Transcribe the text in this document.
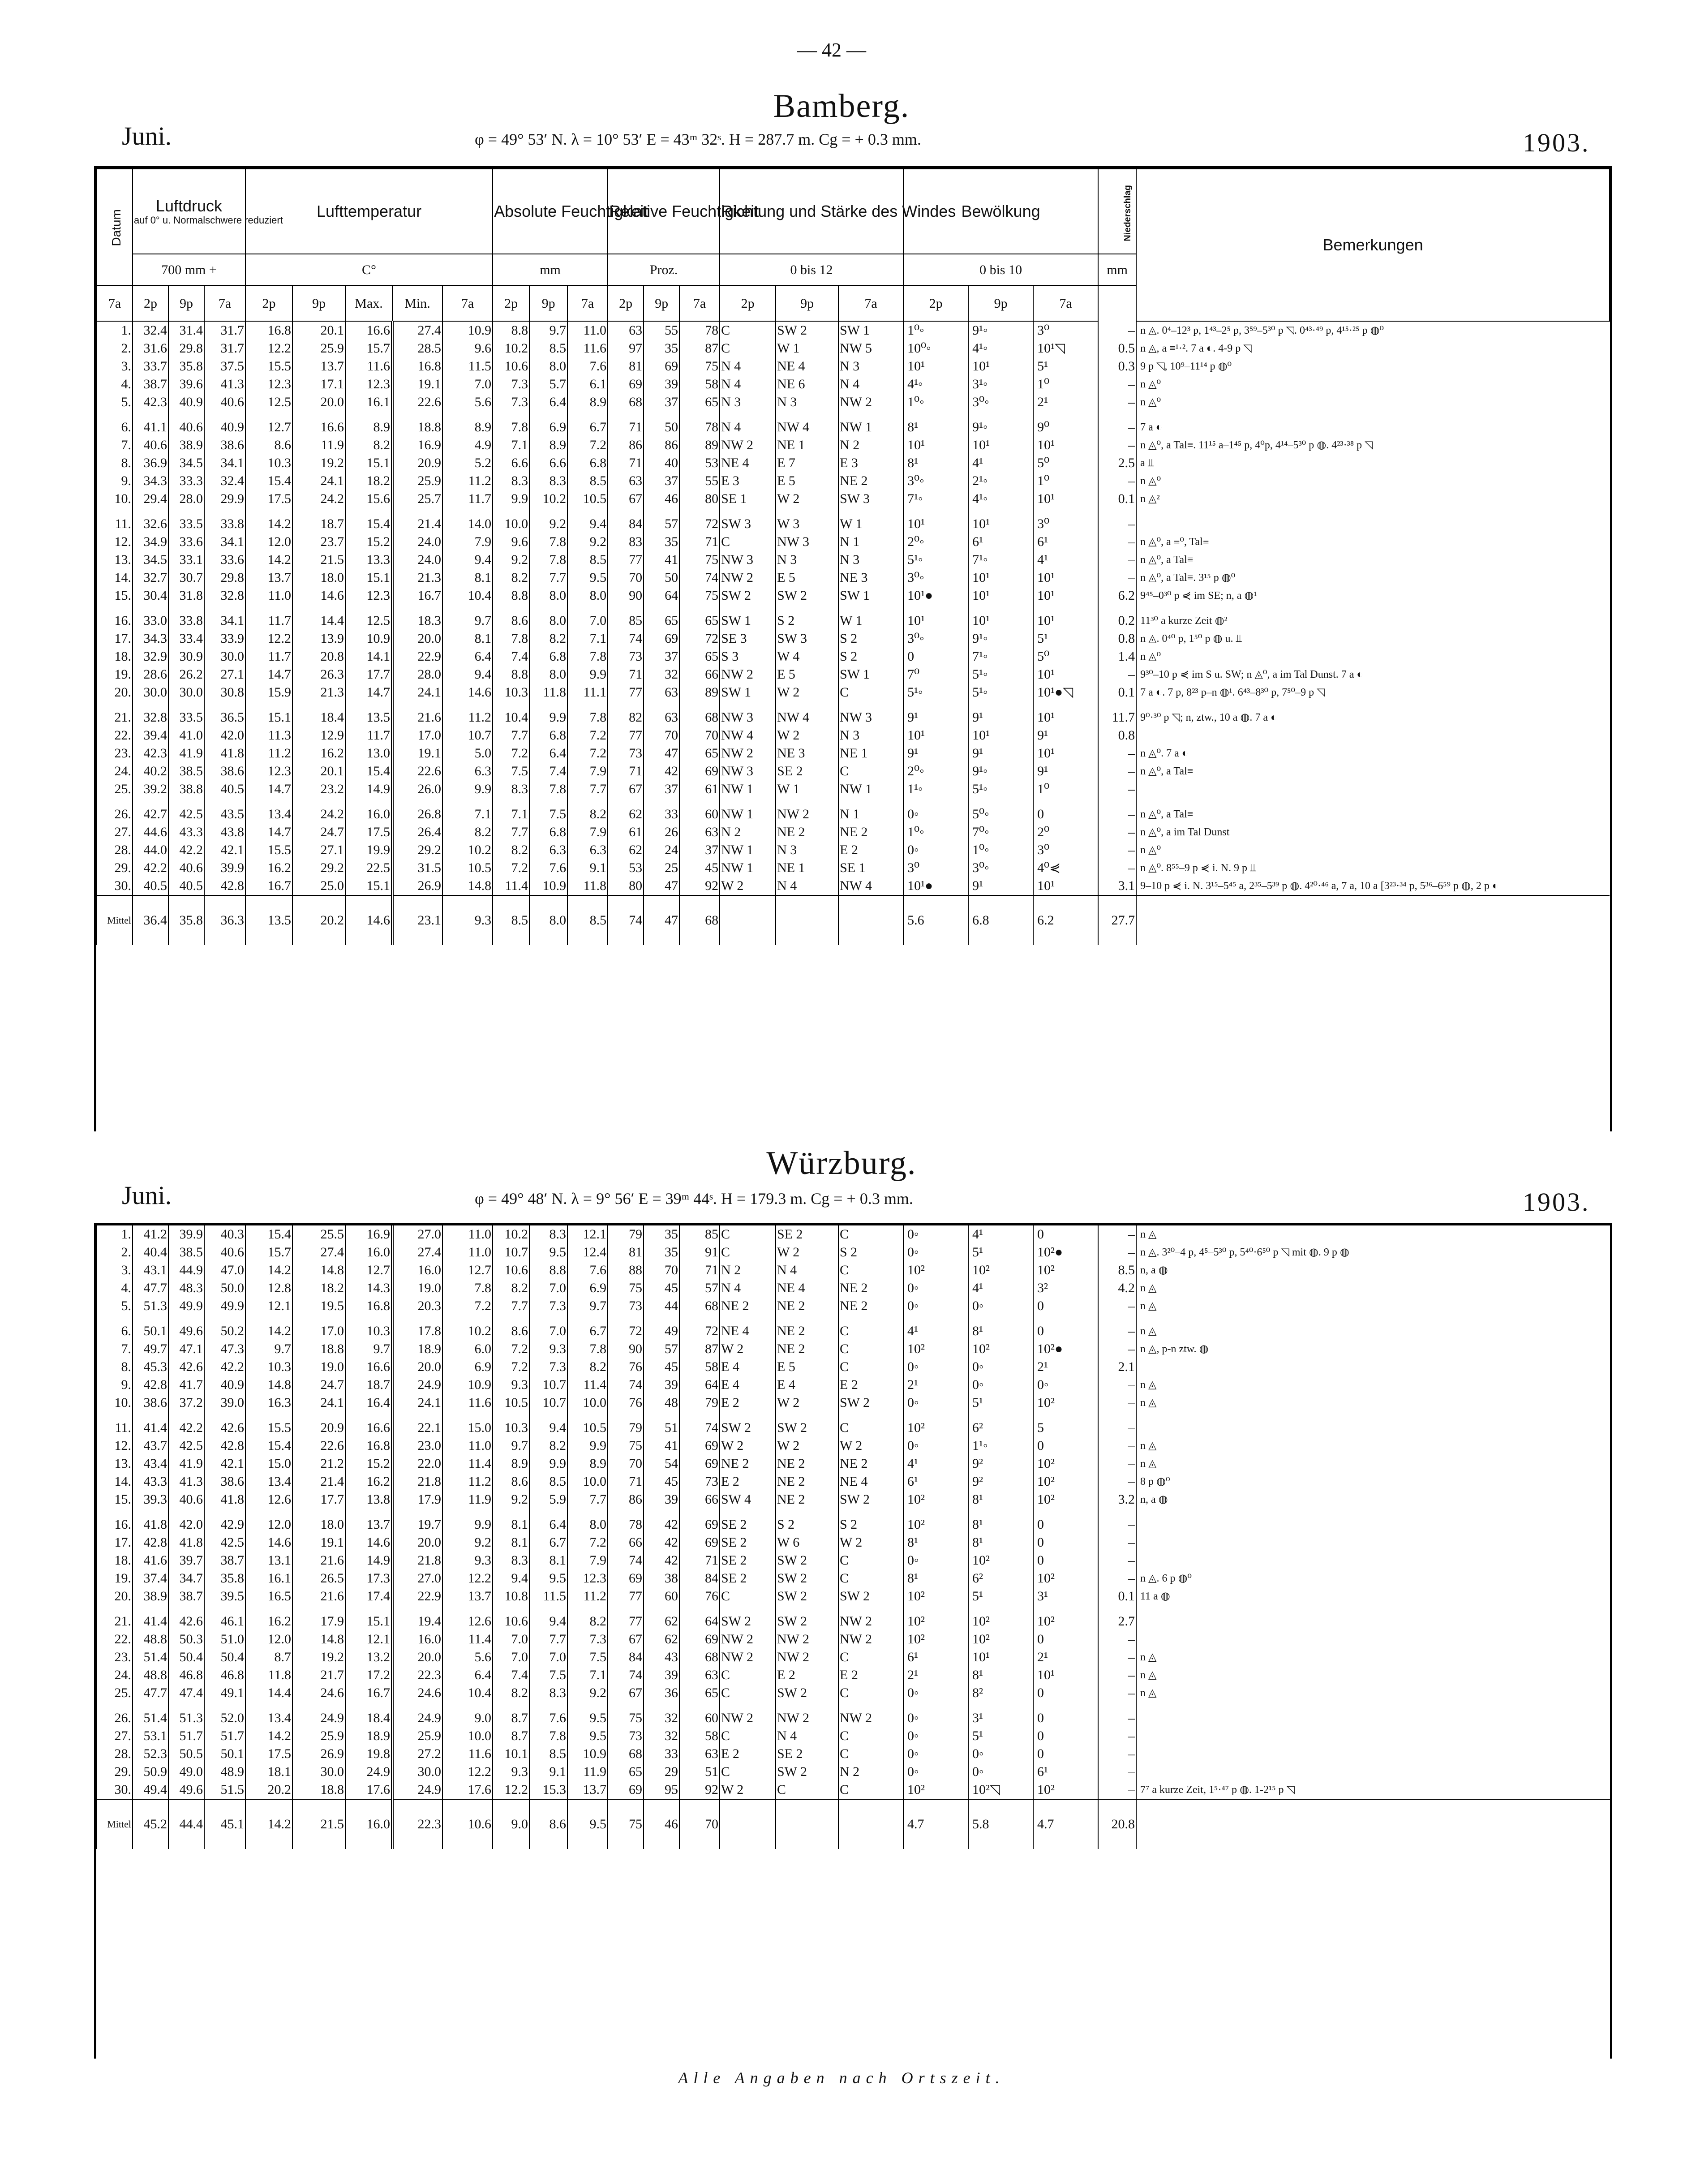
— 42 —
Bamberg.
Juni.	φ = 49° 53′ N. λ = 10° 53′ E = 43ᵐ 32ˢ. H = 287.7 m. Cg = + 0.3 mm.	1903.
Datum	Luftdruck
auf 0° u. Normalschwere reduziert			Lufttemperatur					Absolute Feuchtigkeit			Relative Feuchtigkeit			Richtung und Stärke des Windes			Bewölkung			Niederschlag	Bemerkungen
	700 mm +			C°					mm			Proz.			0 bis 12			0 bis 10			mm	
7a	2p	9p	7a	2p	9p	Max.	Min.	7a	2p	9p	7a	2p	9p	7a	2p	9p	7a	2p	9p	7a		
1.	32.4	31.4	31.7	16.8	20.1	16.6	27.4	10.9	8.8	9.7	11.0	63	55	78	C	SW 2	SW 1	1⁰◦	9¹◦	3⁰	–	n ◬. 0⁴–12³ p, 1⁴³–2⁵ p, 3⁵⁹–5³⁰ p ◹. 0⁴³·⁴⁹ p, 4¹⁵·²⁵ p ◍⁰
2.	31.6	29.8	31.7	12.2	25.9	15.7	28.5	9.6	10.2	8.5	11.6	97	35	87	C	W 1	NW 5	10⁰◦	4¹◦	10¹◹	0.5	n ◬, a ≡¹·². 7 a ◐. 4-9 p ◹
3.	33.7	35.8	37.5	15.5	13.7	11.6	16.8	11.5	10.6	8.0	7.6	81	69	75	N 4	NE 4	N 3	10¹	10¹	5¹	0.3	9 p ◹, 10⁹–11¹⁴ p ◍⁰
4.	38.7	39.6	41.3	12.3	17.1	12.3	19.1	7.0	7.3	5.7	6.1	69	39	58	N 4	NE 6	N 4	4¹◦	3¹◦	1⁰	–	n ◬⁰
5.	42.3	40.9	40.6	12.5	20.0	16.1	22.6	5.6	7.3	6.4	8.9	68	37	65	N 3	N 3	NW 2	1⁰◦	3⁰◦	2¹	–	n ◬⁰

6.	41.1	40.6	40.9	12.7	16.6	8.9	18.8	8.9	7.8	6.9	6.7	71	50	78	N 4	NW 4	NW 1	8¹	9¹◦	9⁰	–	7 a ◐
7.	40.6	38.9	38.6	8.6	11.9	8.2	16.9	4.9	7.1	8.9	7.2	86	86	89	NW 2	NE 1	N 2	10¹	10¹	10¹	–	n ◬⁰, a Tal≡. 11¹⁵ a–1⁴⁵ p, 4⁰p, 4¹⁴–5³⁰ p ◍. 4²³·³⁸ p ◹
8.	36.9	34.5	34.1	10.3	19.2	15.1	20.9	5.2	6.6	6.6	6.8	71	40	53	NE 4	E 7	E 3	8¹	4¹	5⁰	2.5	a ⫫
9.	34.3	33.3	32.4	15.4	24.1	18.2	25.9	11.2	8.3	8.3	8.5	63	37	55	E 3	E 5	NE 2	3⁰◦	2¹◦	1⁰	–	n ◬⁰
10.	29.4	28.0	29.9	17.5	24.2	15.6	25.7	11.7	9.9	10.2	10.5	67	46	80	SE 1	W 2	SW 3	7¹◦	4¹◦	10¹	0.1	n ◬²

11.	32.6	33.5	33.8	14.2	18.7	15.4	21.4	14.0	10.0	9.2	9.4	84	57	72	SW 3	W 3	W 1	10¹	10¹	3⁰	–	
12.	34.9	33.6	34.1	12.0	23.7	15.2	24.0	7.9	9.6	7.8	9.2	83	35	71	C	NW 3	N 1	2⁰◦	6¹	6¹	–	n ◬⁰, a ≡⁰, Tal≡
13.	34.5	33.1	33.6	14.2	21.5	13.3	24.0	9.4	9.2	7.8	8.5	77	41	75	NW 3	N 3	N 3	5¹◦	7¹◦	4¹	–	n ◬⁰, a Tal≡
14.	32.7	30.7	29.8	13.7	18.0	15.1	21.3	8.1	8.2	7.7	9.5	70	50	74	NW 2	E 5	NE 3	3⁰◦	10¹	10¹	–	n ◬⁰, a Tal≡. 3¹⁵ p ◍⁰
15.	30.4	31.8	32.8	11.0	14.6	12.3	16.7	10.4	8.8	8.0	8.0	90	64	75	SW 2	SW 2	SW 1	10¹●	10¹	10¹	6.2	9⁴⁵–0³⁰ p ⋞ im SE; n, a ◍¹

16.	33.0	33.8	34.1	11.7	14.4	12.5	18.3	9.7	8.6	8.0	7.0	85	65	65	SW 1	S 2	W 1	10¹	10¹	10¹	0.2	11³⁰ a kurze Zeit ◍²
17.	34.3	33.4	33.9	12.2	13.9	10.9	20.0	8.1	7.8	8.2	7.1	74	69	72	SE 3	SW 3	S 2	3⁰◦	9¹◦	5¹	0.8	n ◬. 0⁴⁰ p, 1⁵⁰ p ◍ u. ⫫
18.	32.9	30.9	30.0	11.7	20.8	14.1	22.9	6.4	7.4	6.8	7.8	73	37	65	S 3	W 4	S 2	0	7¹◦	5⁰	1.4	n ◬⁰
19.	28.6	26.2	27.1	14.7	26.3	17.7	28.0	9.4	8.8	8.0	9.9	71	32	66	NW 2	E 5	SW 1	7⁰	5¹◦	10¹	–	9³⁰–10 p ⋞ im S u. SW; n ◬⁰, a im Tal Dunst. 7 a ◐
20.	30.0	30.0	30.8	15.9	21.3	14.7	24.1	14.6	10.3	11.8	11.1	77	63	89	SW 1	W 2	C	5¹◦	5¹◦	10¹●◹	0.1	7 a ◐. 7 p, 8²³ p–n ◍¹. 6⁴³–8³⁰ p, 7⁵⁰–9 p ◹

21.	32.8	33.5	36.5	15.1	18.4	13.5	21.6	11.2	10.4	9.9	7.8	82	63	68	NW 3	NW 4	NW 3	9¹	9¹	10¹	11.7	9⁰·³⁰ p ◹; n, ztw., 10 a ◍. 7 a ◐
22.	39.4	41.0	42.0	11.3	12.9	11.7	17.0	10.7	7.7	6.8	7.2	77	70	70	NW 4	W 2	N 3	10¹	10¹	9¹	0.8	
23.	42.3	41.9	41.8	11.2	16.2	13.0	19.1	5.0	7.2	6.4	7.2	73	47	65	NW 2	NE 3	NE 1	9¹	9¹	10¹	–	n ◬⁰. 7 a ◐
24.	40.2	38.5	38.6	12.3	20.1	15.4	22.6	6.3	7.5	7.4	7.9	71	42	69	NW 3	SE 2	C	2⁰◦	9¹◦	9¹	–	n ◬⁰, a Tal≡
25.	39.2	38.8	40.5	14.7	23.2	14.9	26.0	9.9	8.3	7.8	7.7	67	37	61	NW 1	W 1	NW 1	1¹◦	5¹◦	1⁰	–	

26.	42.7	42.5	43.5	13.4	24.2	16.0	26.8	7.1	7.1	7.5	8.2	62	33	60	NW 1	NW 2	N 1	0◦	5⁰◦	0	–	n ◬⁰, a Tal≡
27.	44.6	43.3	43.8	14.7	24.7	17.5	26.4	8.2	7.7	6.8	7.9	61	26	63	N 2	NE 2	NE 2	1⁰◦	7⁰◦	2⁰	–	n ◬⁰, a im Tal Dunst
28.	44.0	42.2	42.1	15.5	27.1	19.9	29.2	10.2	8.2	6.3	6.3	62	24	37	NW 1	N 3	E 2	0◦	1⁰◦	3⁰	–	n ◬⁰
29.	42.2	40.6	39.9	16.2	29.2	22.5	31.5	10.5	7.2	7.6	9.1	53	25	45	NW 1	NE 1	SE 1	3⁰	3⁰◦	4⁰⋞	–	n ◬⁰. 8⁵⁵–9 p ⋞ i. N. 9 p ⫫
30.	40.5	40.5	42.8	16.7	25.0	15.1	26.9	14.8	11.4	10.9	11.8	80	47	92	W 2	N 4	NW 4	10¹●	9¹	10¹	3.1	9–10 p ⋞ i. N. 3¹⁵–5⁴⁵ a, 2³⁵–5³⁹ p ◍. 4²⁰·⁴⁶ a, 7 a, 10 a [3²³·³⁴ p, 5³⁶–6⁵⁹ p ◍, 2 p ◐
Mittel	36.4	35.8	36.3	13.5	20.2	14.6	23.1	9.3	8.5	8.0	8.5	74	47	68				5.6	6.8	6.2	27.7	
Würzburg.
Juni.	φ = 49° 48′ N. λ = 9° 56′ E = 39ᵐ 44ˢ. H = 179.3 m. Cg = + 0.3 mm.	1903.
1.	41.2	39.9	40.3	15.4	25.5	16.9	27.0	11.0	10.2	8.3	12.1	79	35	85	C	SE 2	C	0◦	4¹	0	–	n ◬
2.	40.4	38.5	40.6	15.7	27.4	16.0	27.4	11.0	10.7	9.5	12.4	81	35	91	C	W 2	S 2	0◦	5¹	10²●	–	n ◬. 3²⁰–4 p, 4⁵–5³⁰ p, 5⁴⁰·6⁵⁰ p ◹ mit ◍. 9 p ◍
3.	43.1	44.9	47.0	14.2	14.8	12.7	16.0	12.7	10.6	8.8	7.6	88	70	71	N 2	N 4	C	10²	10²	10²	8.5	n, a ◍
4.	47.7	48.3	50.0	12.8	18.2	14.3	19.0	7.8	8.2	7.0	6.9	75	45	57	N 4	NE 4	NE 2	0◦	4¹	3²	4.2	n ◬
5.	51.3	49.9	49.9	12.1	19.5	16.8	20.3	7.2	7.7	7.3	9.7	73	44	68	NE 2	NE 2	NE 2	0◦	0◦	0	–	n ◬

6.	50.1	49.6	50.2	14.2	17.0	10.3	17.8	10.2	8.6	7.0	6.7	72	49	72	NE 4	NE 2	C	4¹	8¹	0	–	n ◬
7.	49.7	47.1	47.3	9.7	18.8	9.7	18.9	6.0	7.2	9.3	7.8	90	57	87	W 2	NE 2	C	10²	10²	10²●	–	n ◬, p-n ztw. ◍
8.	45.3	42.6	42.2	10.3	19.0	16.6	20.0	6.9	7.2	7.3	8.2	76	45	58	E 4	E 5	C	0◦	0◦	2¹	2.1	
9.	42.8	41.7	40.9	14.8	24.7	18.7	24.9	10.9	9.3	10.7	11.4	74	39	64	E 4	E 4	E 2	2¹	0◦	0◦	–	n ◬
10.	38.6	37.2	39.0	16.3	24.1	16.4	24.1	11.6	10.5	10.7	10.0	76	48	79	E 2	W 2	SW 2	0◦	5¹	10²	–	n ◬

11.	41.4	42.2	42.6	15.5	20.9	16.6	22.1	15.0	10.3	9.4	10.5	79	51	74	SW 2	SW 2	C	10²	6²	5	–	
12.	43.7	42.5	42.8	15.4	22.6	16.8	23.0	11.0	9.7	8.2	9.9	75	41	69	W 2	W 2	W 2	0◦	1¹◦	0	–	n ◬
13.	43.4	41.9	42.1	15.0	21.2	15.2	22.0	11.4	8.9	9.9	8.9	70	54	69	NE 2	NE 2	NE 2	4¹	9²	10²	–	n ◬
14.	43.3	41.3	38.6	13.4	21.4	16.2	21.8	11.2	8.6	8.5	10.0	71	45	73	E 2	NE 2	NE 4	6¹	9²	10²	–	8 p ◍⁰
15.	39.3	40.6	41.8	12.6	17.7	13.8	17.9	11.9	9.2	5.9	7.7	86	39	66	SW 4	NE 2	SW 2	10²	8¹	10²	3.2	n, a ◍

16.	41.8	42.0	42.9	12.0	18.0	13.7	19.7	9.9	8.1	6.4	8.0	78	42	69	SE 2	S 2	S 2	10²	8¹	0	–	
17.	42.8	41.8	42.5	14.6	19.1	14.6	20.0	9.2	8.1	6.7	7.2	66	42	69	SE 2	W 6	W 2	8¹	8¹	0	–	
18.	41.6	39.7	38.7	13.1	21.6	14.9	21.8	9.3	8.3	8.1	7.9	74	42	71	SE 2	SW 2	C	0◦	10²	0	–	
19.	37.4	34.7	35.8	16.1	26.5	17.3	27.0	12.2	9.4	9.5	12.3	69	38	84	SE 2	SW 2	C	8¹	6²	10²	–	n ◬. 6 p ◍⁰
20.	38.9	38.7	39.5	16.5	21.6	17.4	22.9	13.7	10.8	11.5	11.2	77	60	76	C	SW 2	SW 2	10²	5¹	3¹	0.1	11 a ◍

21.	41.4	42.6	46.1	16.2	17.9	15.1	19.4	12.6	10.6	9.4	8.2	77	62	64	SW 2	SW 2	NW 2	10²	10²	10²	2.7	
22.	48.8	50.3	51.0	12.0	14.8	12.1	16.0	11.4	7.0	7.7	7.3	67	62	69	NW 2	NW 2	NW 2	10²	10²	0	–	
23.	51.4	50.4	50.4	8.7	19.2	13.2	20.0	5.6	7.0	7.0	7.5	84	43	68	NW 2	NW 2	C	6¹	10¹	2¹	–	n ◬
24.	48.8	46.8	46.8	11.8	21.7	17.2	22.3	6.4	7.4	7.5	7.1	74	39	63	C	E 2	E 2	2¹	8¹	10¹	–	n ◬
25.	47.7	47.4	49.1	14.4	24.6	16.7	24.6	10.4	8.2	8.3	9.2	67	36	65	C	SW 2	C	0◦	8²	0	–	n ◬

26.	51.4	51.3	52.0	13.4	24.9	18.4	24.9	9.0	8.7	7.6	9.5	75	32	60	NW 2	NW 2	NW 2	0◦	3¹	0	–	
27.	53.1	51.7	51.7	14.2	25.9	18.9	25.9	10.0	8.7	7.8	9.5	73	32	58	C	N 4	C	0◦	5¹	0	–	
28.	52.3	50.5	50.1	17.5	26.9	19.8	27.2	11.6	10.1	8.5	10.9	68	33	63	E 2	SE 2	C	0◦	0◦	0	–	
29.	50.9	49.0	48.9	18.1	30.0	24.9	30.0	12.2	9.3	9.1	11.9	65	29	51	C	SW 2	N 2	0◦	0◦	6¹	–	
30.	49.4	49.6	51.5	20.2	18.8	17.6	24.9	17.6	12.2	15.3	13.7	69	95	92	W 2	C	C	10²	10²◹	10²	–	7⁷ a kurze Zeit, 1⁵·⁴⁷ p ◍. 1-2¹⁵ p ◹
Mittel	45.2	44.4	45.1	14.2	21.5	16.0	22.3	10.6	9.0	8.6	9.5	75	46	70				4.7	5.8	4.7	20.8	
Alle Angaben nach Ortszeit.
